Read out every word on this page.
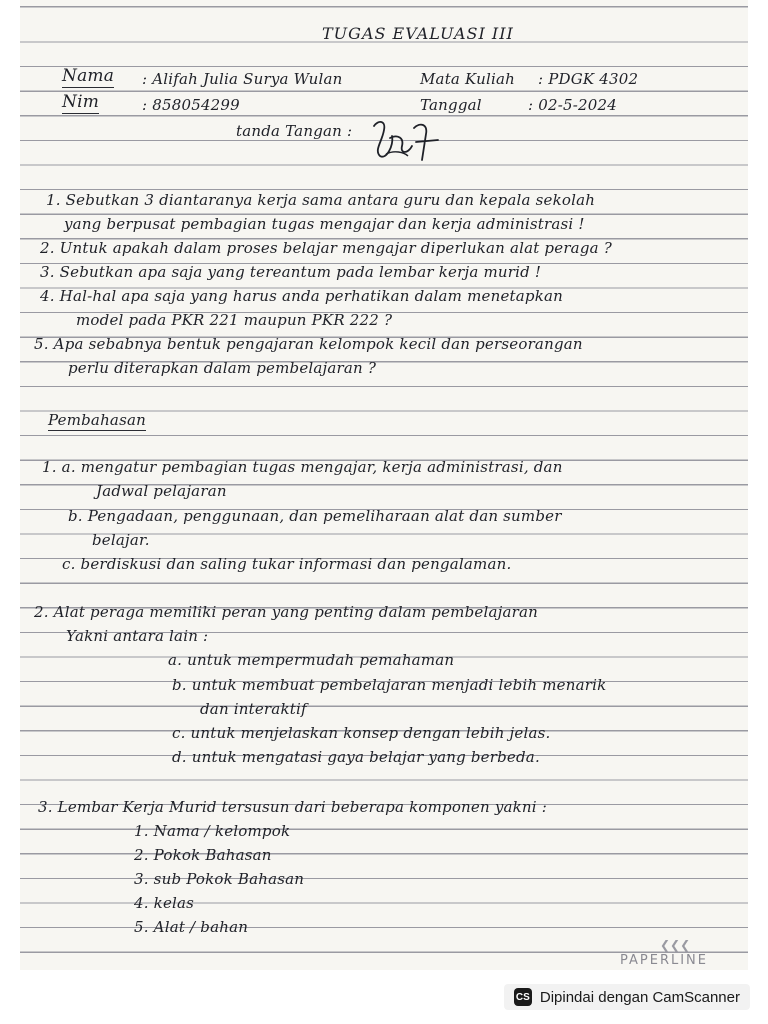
TUGAS EVALUASI III
Nama : Alifah Julia Surya Wulan	Mata Kuliah : PDGK 4302
Nim	: 858054299	Tanggal	: 02-5-2024
tanda Tangan :
1. Sebutkan 3 diantaranya kerja sama antara guru dan kepala sekolah
yang berpusat pembagian tugas mengajar dan kerja administrasi !
2. Untuk apakah dalam proses belajar mengajar diperlukan alat peraga ?
3. Sebutkan apa saja yang tereantum pada lembar kerja murid !
4. Hal-hal apa saja yang harus anda perhatikan dalam menetapkan
model pada PKR 221 maupun PKR 222 ?
5. Apa sebabnya bentuk pengajaran kelompok kecil dan perseorangan
perlu diterapkan dalam pembelajaran ?
Pembahasan
1. a. mengatur pembagian tugas mengajar, kerja administrasi, dan
Jadwal pelajaran
b. Pengadaan, penggunaan, dan pemeliharaan alat dan sumber
belajar.
c. berdiskusi dan saling tukar informasi dan pengalaman.
2. Alat peraga memiliki peran yang penting dalam pembelajaran
Yakni antara lain :
a. untuk mempermudah pemahaman
b. untuk membuat pembelajaran menjadi lebih menarik
dan interaktif
c. untuk menjelaskan konsep dengan lebih jelas.
d. untuk mengatasi gaya belajar yang berbeda.
3. Lembar Kerja Murid tersusun dari beberapa komponen yakni :
1. Nama / kelompok
2. Pokok Bahasan
3. sub Pokok Bahasan
4. kelas
5. Alat / bahan
❮❮❮
PAPERLINE
CS Dipindai dengan CamScanner
